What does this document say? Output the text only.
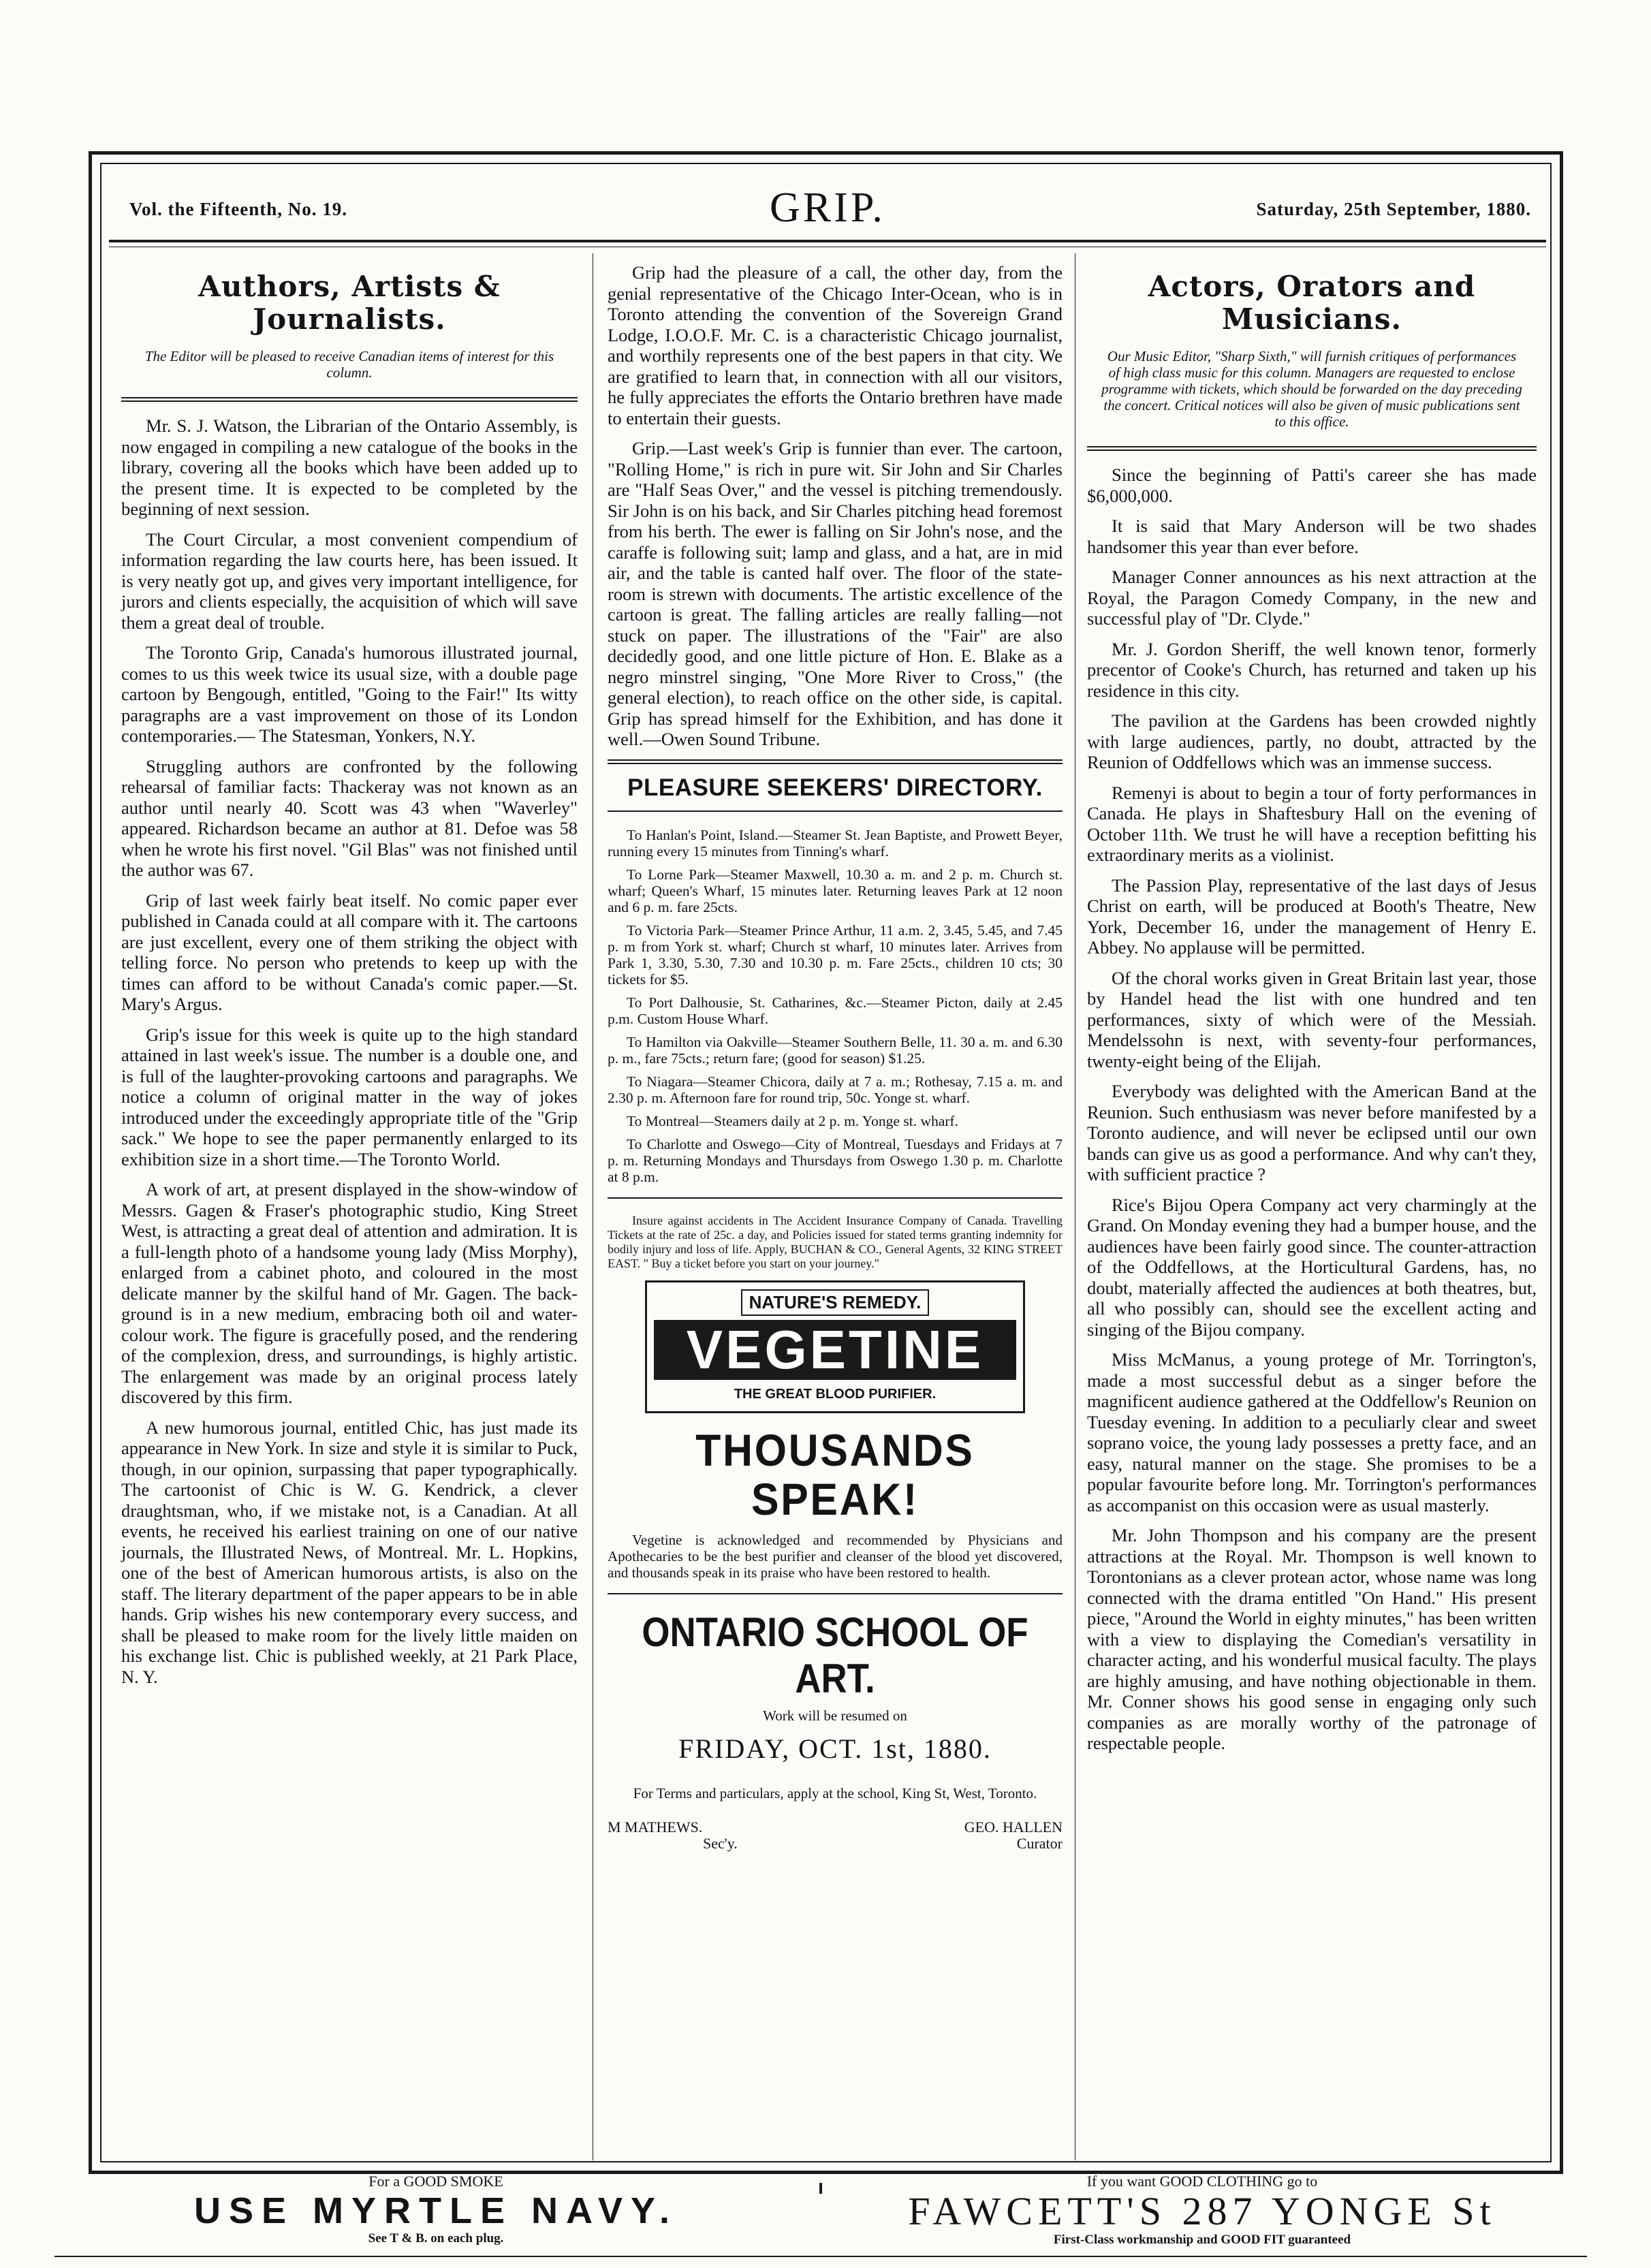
Vol. the Fifteenth, No. 19.	GRIP.	Saturday, 25th September, 1880.
Authors, Artists & Journalists.
The Editor will be pleased to receive Canadian items of interest for this column.

Mr. S. J. Watson, the Librarian of the Ontario Assembly, is now engaged in compiling a new catalogue of the books in the library, covering all the books which have been added up to the present time. It is expected to be completed by the beginning of next session.

The Court Circular, a most convenient compendium of information regarding the law courts here, has been issued. It is very neatly got up, and gives very important intelligence, for jurors and clients especially, the acquisition of which will save them a great deal of trouble.

The Toronto Grip, Canada's humorous illustrated journal, comes to us this week twice its usual size, with a double page cartoon by Bengough, entitled, "Going to the Fair!" Its witty paragraphs are a vast improvement on those of its London contemporaries.— The Statesman, Yonkers, N.Y.

Struggling authors are confronted by the following rehearsal of familiar facts: Thackeray was not known as an author until nearly 40. Scott was 43 when "Waverley" appeared. Richardson became an author at 81. Defoe was 58 when he wrote his first novel. "Gil Blas" was not finished until the author was 67.

Grip of last week fairly beat itself. No comic paper ever published in Canada could at all compare with it. The cartoons are just excellent, every one of them striking the object with telling force. No person who pretends to keep up with the times can afford to be without Canada's comic paper.—St. Mary's Argus.

Grip's issue for this week is quite up to the high standard attained in last week's issue. The number is a double one, and is full of the laughter-provoking cartoons and paragraphs. We notice a column of original matter in the way of jokes introduced under the exceedingly appropriate title of the "Grip sack." We hope to see the paper permanently enlarged to its exhibition size in a short time.—The Toronto World.

A work of art, at present displayed in the show-window of Messrs. Gagen & Fraser's photographic studio, King Street West, is attracting a great deal of attention and admiration. It is a full-length photo of a handsome young lady (Miss Morphy), enlarged from a cabinet photo, and coloured in the most delicate manner by the skilful hand of Mr. Gagen. The back-ground is in a new medium, embracing both oil and water-colour work. The figure is gracefully posed, and the rendering of the complexion, dress, and surroundings, is highly artistic. The enlargement was made by an original process lately discovered by this firm.

A new humorous journal, entitled Chic, has just made its appearance in New York. In size and style it is similar to Puck, though, in our opinion, surpassing that paper typographically. The cartoonist of Chic is W. G. Kendrick, a clever draughtsman, who, if we mistake not, is a Canadian. At all events, he received his earliest training on one of our native journals, the Illustrated News, of Montreal. Mr. L. Hopkins, one of the best of American humorous artists, is also on the staff. The literary department of the paper appears to be in able hands. Grip wishes his new contemporary every success, and shall be pleased to make room for the lively little maiden on his exchange list. Chic is published weekly, at 21 Park Place, N. Y.

Grip had the pleasure of a call, the other day, from the genial representative of the Chicago Inter-Ocean, who is in Toronto attending the convention of the Sovereign Grand Lodge, I.O.O.F. Mr. C. is a characteristic Chicago journalist, and worthily represents one of the best papers in that city. We are gratified to learn that, in connection with all our visitors, he fully appreciates the efforts the Ontario brethren have made to entertain their guests.

Grip.—Last week's Grip is funnier than ever. The cartoon, "Rolling Home," is rich in pure wit. Sir John and Sir Charles are "Half Seas Over," and the vessel is pitching tremendously. Sir John is on his back, and Sir Charles pitching head foremost from his berth. The ewer is falling on Sir John's nose, and the caraffe is following suit; lamp and glass, and a hat, are in mid air, and the table is canted half over. The floor of the state-room is strewn with documents. The artistic excellence of the cartoon is great. The falling articles are really falling—not stuck on paper. The illustrations of the "Fair" are also decidedly good, and one little picture of Hon. E. Blake as a negro minstrel singing, "One More River to Cross," (the general election), to reach office on the other side, is capital. Grip has spread himself for the Exhibition, and has done it well.—Owen Sound Tribune.

PLEASURE SEEKERS' DIRECTORY.

To Hanlan's Point, Island.—Steamer St. Jean Baptiste, and Prowett Beyer, running every 15 minutes from Tinning's wharf.

To Lorne Park—Steamer Maxwell, 10.30 a. m. and 2 p. m. Church st. wharf; Queen's Wharf, 15 minutes later. Returning leaves Park at 12 noon and 6 p. m. fare 25cts.

To Victoria Park—Steamer Prince Arthur, 11 a.m. 2, 3.45, 5.45, and 7.45 p. m from York st. wharf; Church st wharf, 10 minutes later. Arrives from Park 1, 3.30, 5.30, 7.30 and 10.30 p. m. Fare 25cts., children 10 cts; 30 tickets for $5.

To Port Dalhousie, St. Catharines, &c.—Steamer Picton, daily at 2.45 p.m. Custom House Wharf.

To Hamilton via Oakville—Steamer Southern Belle, 11. 30 a. m. and 6.30 p. m., fare 75cts.; return fare; (good for season) $1.25.

To Niagara—Steamer Chicora, daily at 7 a. m.; Rothesay, 7.15 a. m. and 2.30 p. m. Afternoon fare for round trip, 50c. Yonge st. wharf.

To Montreal—Steamers daily at 2 p. m. Yonge st. wharf.

To Charlotte and Oswego—City of Montreal, Tuesdays and Fridays at 7 p. m. Returning Mondays and Thursdays from Oswego 1.30 p. m. Charlotte at 8 p.m.

Insure against accidents in The Accident Insurance Company of Canada. Travelling Tickets at the rate of 25c. a day, and Policies issued for stated terms granting indemnity for bodily injury and loss of life. Apply, BUCHAN & CO., General Agents, 32 KING STREET EAST. " Buy a ticket before you start on your journey."

NATURE'S REMEDY.
VEGETINE
THE GREAT BLOOD PURIFIER.
THOUSANDS SPEAK!

Vegetine is acknowledged and recommended by Physicians and Apothecaries to be the best purifier and cleanser of the blood yet discovered, and thousands speak in its praise who have been restored to health.

ONTARIO SCHOOL OF ART.

Work will be resumed on

FRIDAY, OCT. 1st, 1880.

For Terms and particulars, apply at the school, King St, West, Toronto.

M MATHEWS.
Sec'y.
GEO. HALLEN
Curator
Actors, Orators and Musicians.
Our Music Editor, "Sharp Sixth," will furnish critiques of performances of high class music for this column. Managers are requested to enclose programme with tickets, which should be forwarded on the day preceding the concert. Critical notices will also be given of music publications sent to this office.

Since the beginning of Patti's career she has made $6,000,000.

It is said that Mary Anderson will be two shades handsomer this year than ever before.

Manager Conner announces as his next attraction at the Royal, the Paragon Comedy Company, in the new and successful play of "Dr. Clyde."

Mr. J. Gordon Sheriff, the well known tenor, formerly precentor of Cooke's Church, has returned and taken up his residence in this city.

The pavilion at the Gardens has been crowded nightly with large audiences, partly, no doubt, attracted by the Reunion of Oddfellows which was an immense success.

Remenyi is about to begin a tour of forty performances in Canada. He plays in Shaftesbury Hall on the evening of October 11th. We trust he will have a reception befitting his extraordinary merits as a violinist.

The Passion Play, representative of the last days of Jesus Christ on earth, will be produced at Booth's Theatre, New York, December 16, under the management of Henry E. Abbey. No applause will be permitted.

Of the choral works given in Great Britain last year, those by Handel head the list with one hundred and ten performances, sixty of which were of the Messiah. Mendelssohn is next, with seventy-four performances, twenty-eight being of the Elijah.

Everybody was delighted with the American Band at the Reunion. Such enthusiasm was never before manifested by a Toronto audience, and will never be eclipsed until our own bands can give us as good a performance. And why can't they, with sufficient practice ?

Rice's Bijou Opera Company act very charmingly at the Grand. On Monday evening they had a bumper house, and the audiences have been fairly good since. The counter-attraction of the Oddfellows, at the Horticultural Gardens, has, no doubt, materially affected the audiences at both theatres, but, all who possibly can, should see the excellent acting and singing of the Bijou company.

Miss McManus, a young protege of Mr. Torrington's, made a most successful debut as a singer before the magnificent audience gathered at the Oddfellow's Reunion on Tuesday evening. In addition to a peculiarly clear and sweet soprano voice, the young lady possesses a pretty face, and an easy, natural manner on the stage. She promises to be a popular favourite before long. Mr. Torrington's performances as accompanist on this occasion were as usual masterly.

Mr. John Thompson and his company are the present attractions at the Royal. Mr. Thompson is well known to Torontonians as a clever protean actor, whose name was long connected with the drama entitled "On Hand." His present piece, "Around the World in eighty minutes," has been written with a view to displaying the Comedian's versatility in character acting, and his wonderful musical faculty. The plays are highly amusing, and have nothing objectionable in them. Mr. Conner shows his good sense in engaging only such companies as are morally worthy of the patronage of respectable people.

For a GOOD SMOKE
USE MYRTLE NAVY.
See T & B. on each plug.
If you want GOOD CLOTHING go to
FAWCETT'S 287 YONGE St
First-Class workmanship and GOOD FIT guaranteed
